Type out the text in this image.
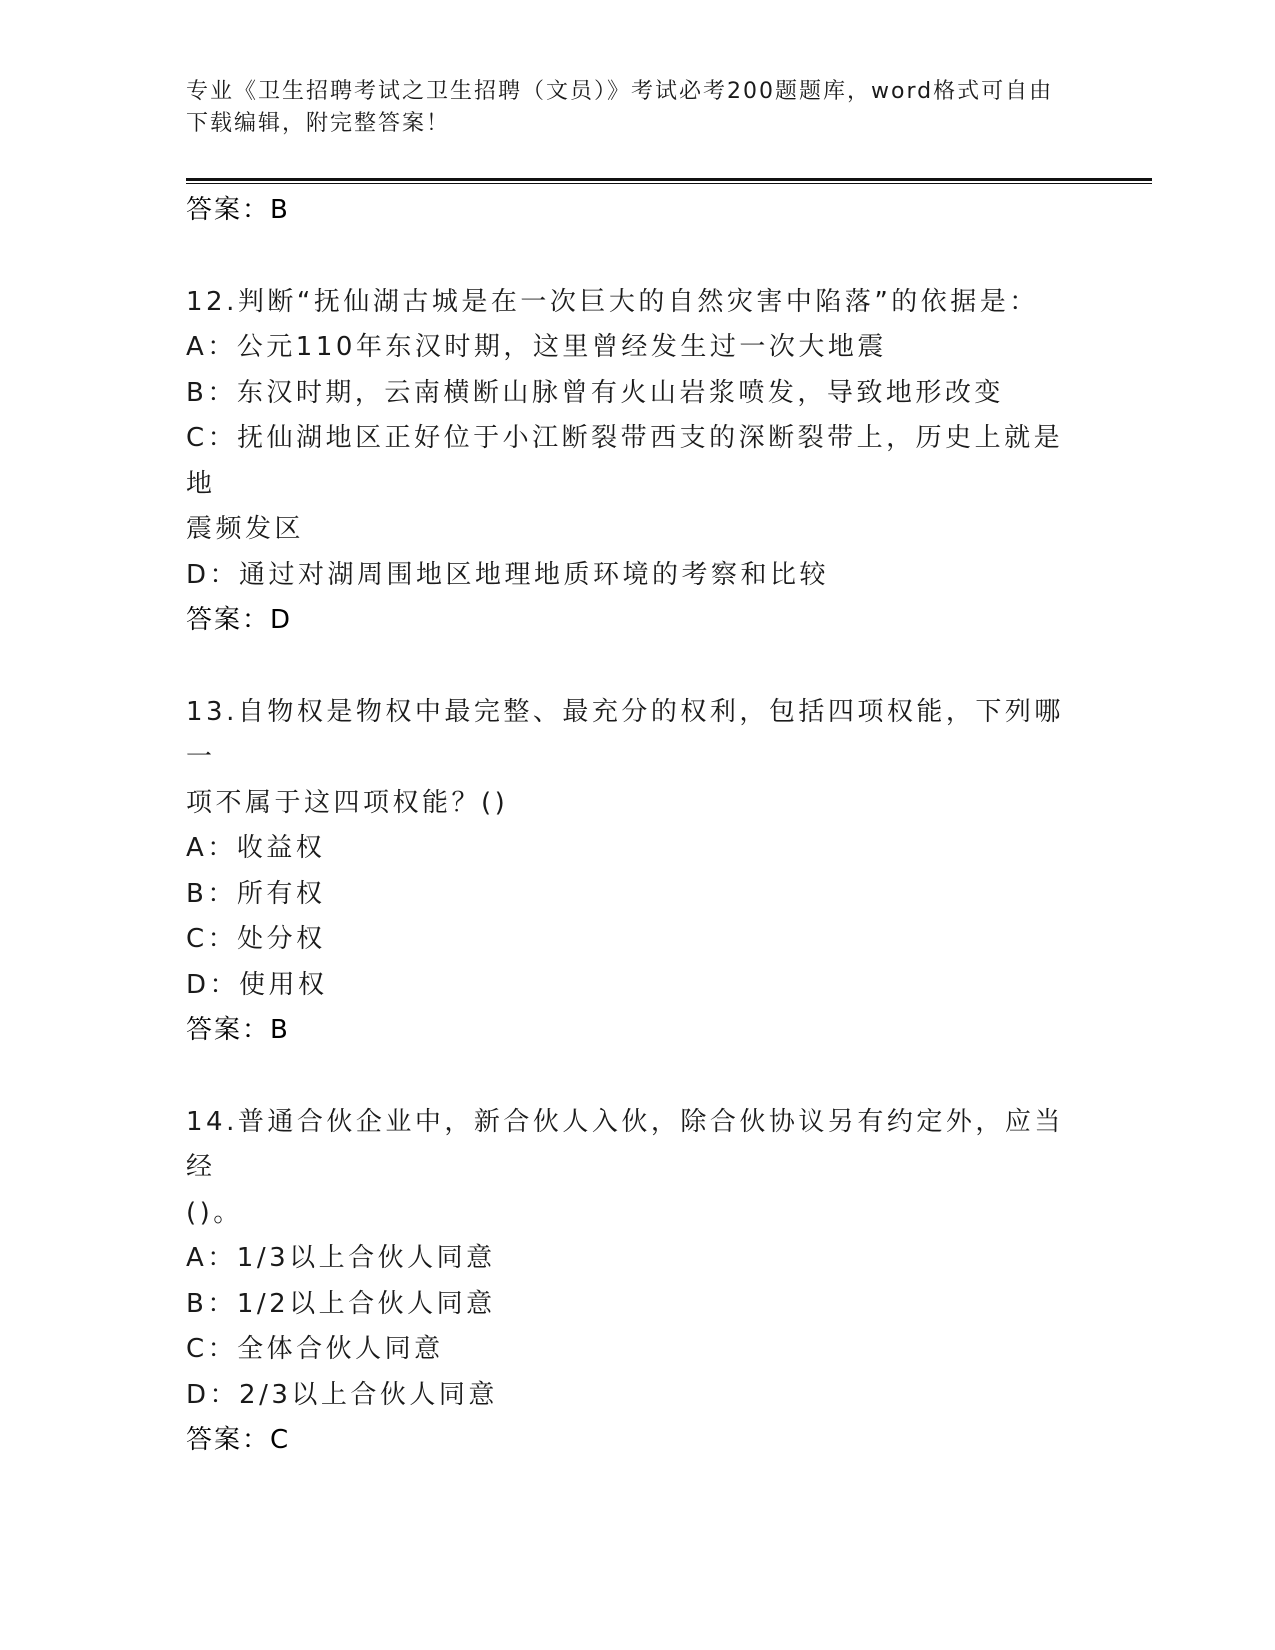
专业《卫生招聘考试之卫生招聘（文员）》考试必考200题题库，word格式可自由下载编辑，附完整答案！
答案：B
12.判断“抚仙湖古城是在一次巨大的自然灾害中陷落”的依据是：
A：公元110年东汉时期，这里曾经发生过一次大地震
B：东汉时期，云南横断山脉曾有火山岩浆喷发，导致地形改变
C：抚仙湖地区正好位于小江断裂带西支的深断裂带上，历史上就是地
震频发区
D：通过对湖周围地区地理地质环境的考察和比较
答案：D
13.自物权是物权中最完整、最充分的权利，包括四项权能，下列哪一
项不属于这四项权能？()
A：收益权
B：所有权
C：处分权
D：使用权
答案：B
14.普通合伙企业中，新合伙人入伙，除合伙协议另有约定外，应当经
()。
A：1/3以上合伙人同意
B：1/2以上合伙人同意
C：全体合伙人同意
D：2/3以上合伙人同意
答案：C
